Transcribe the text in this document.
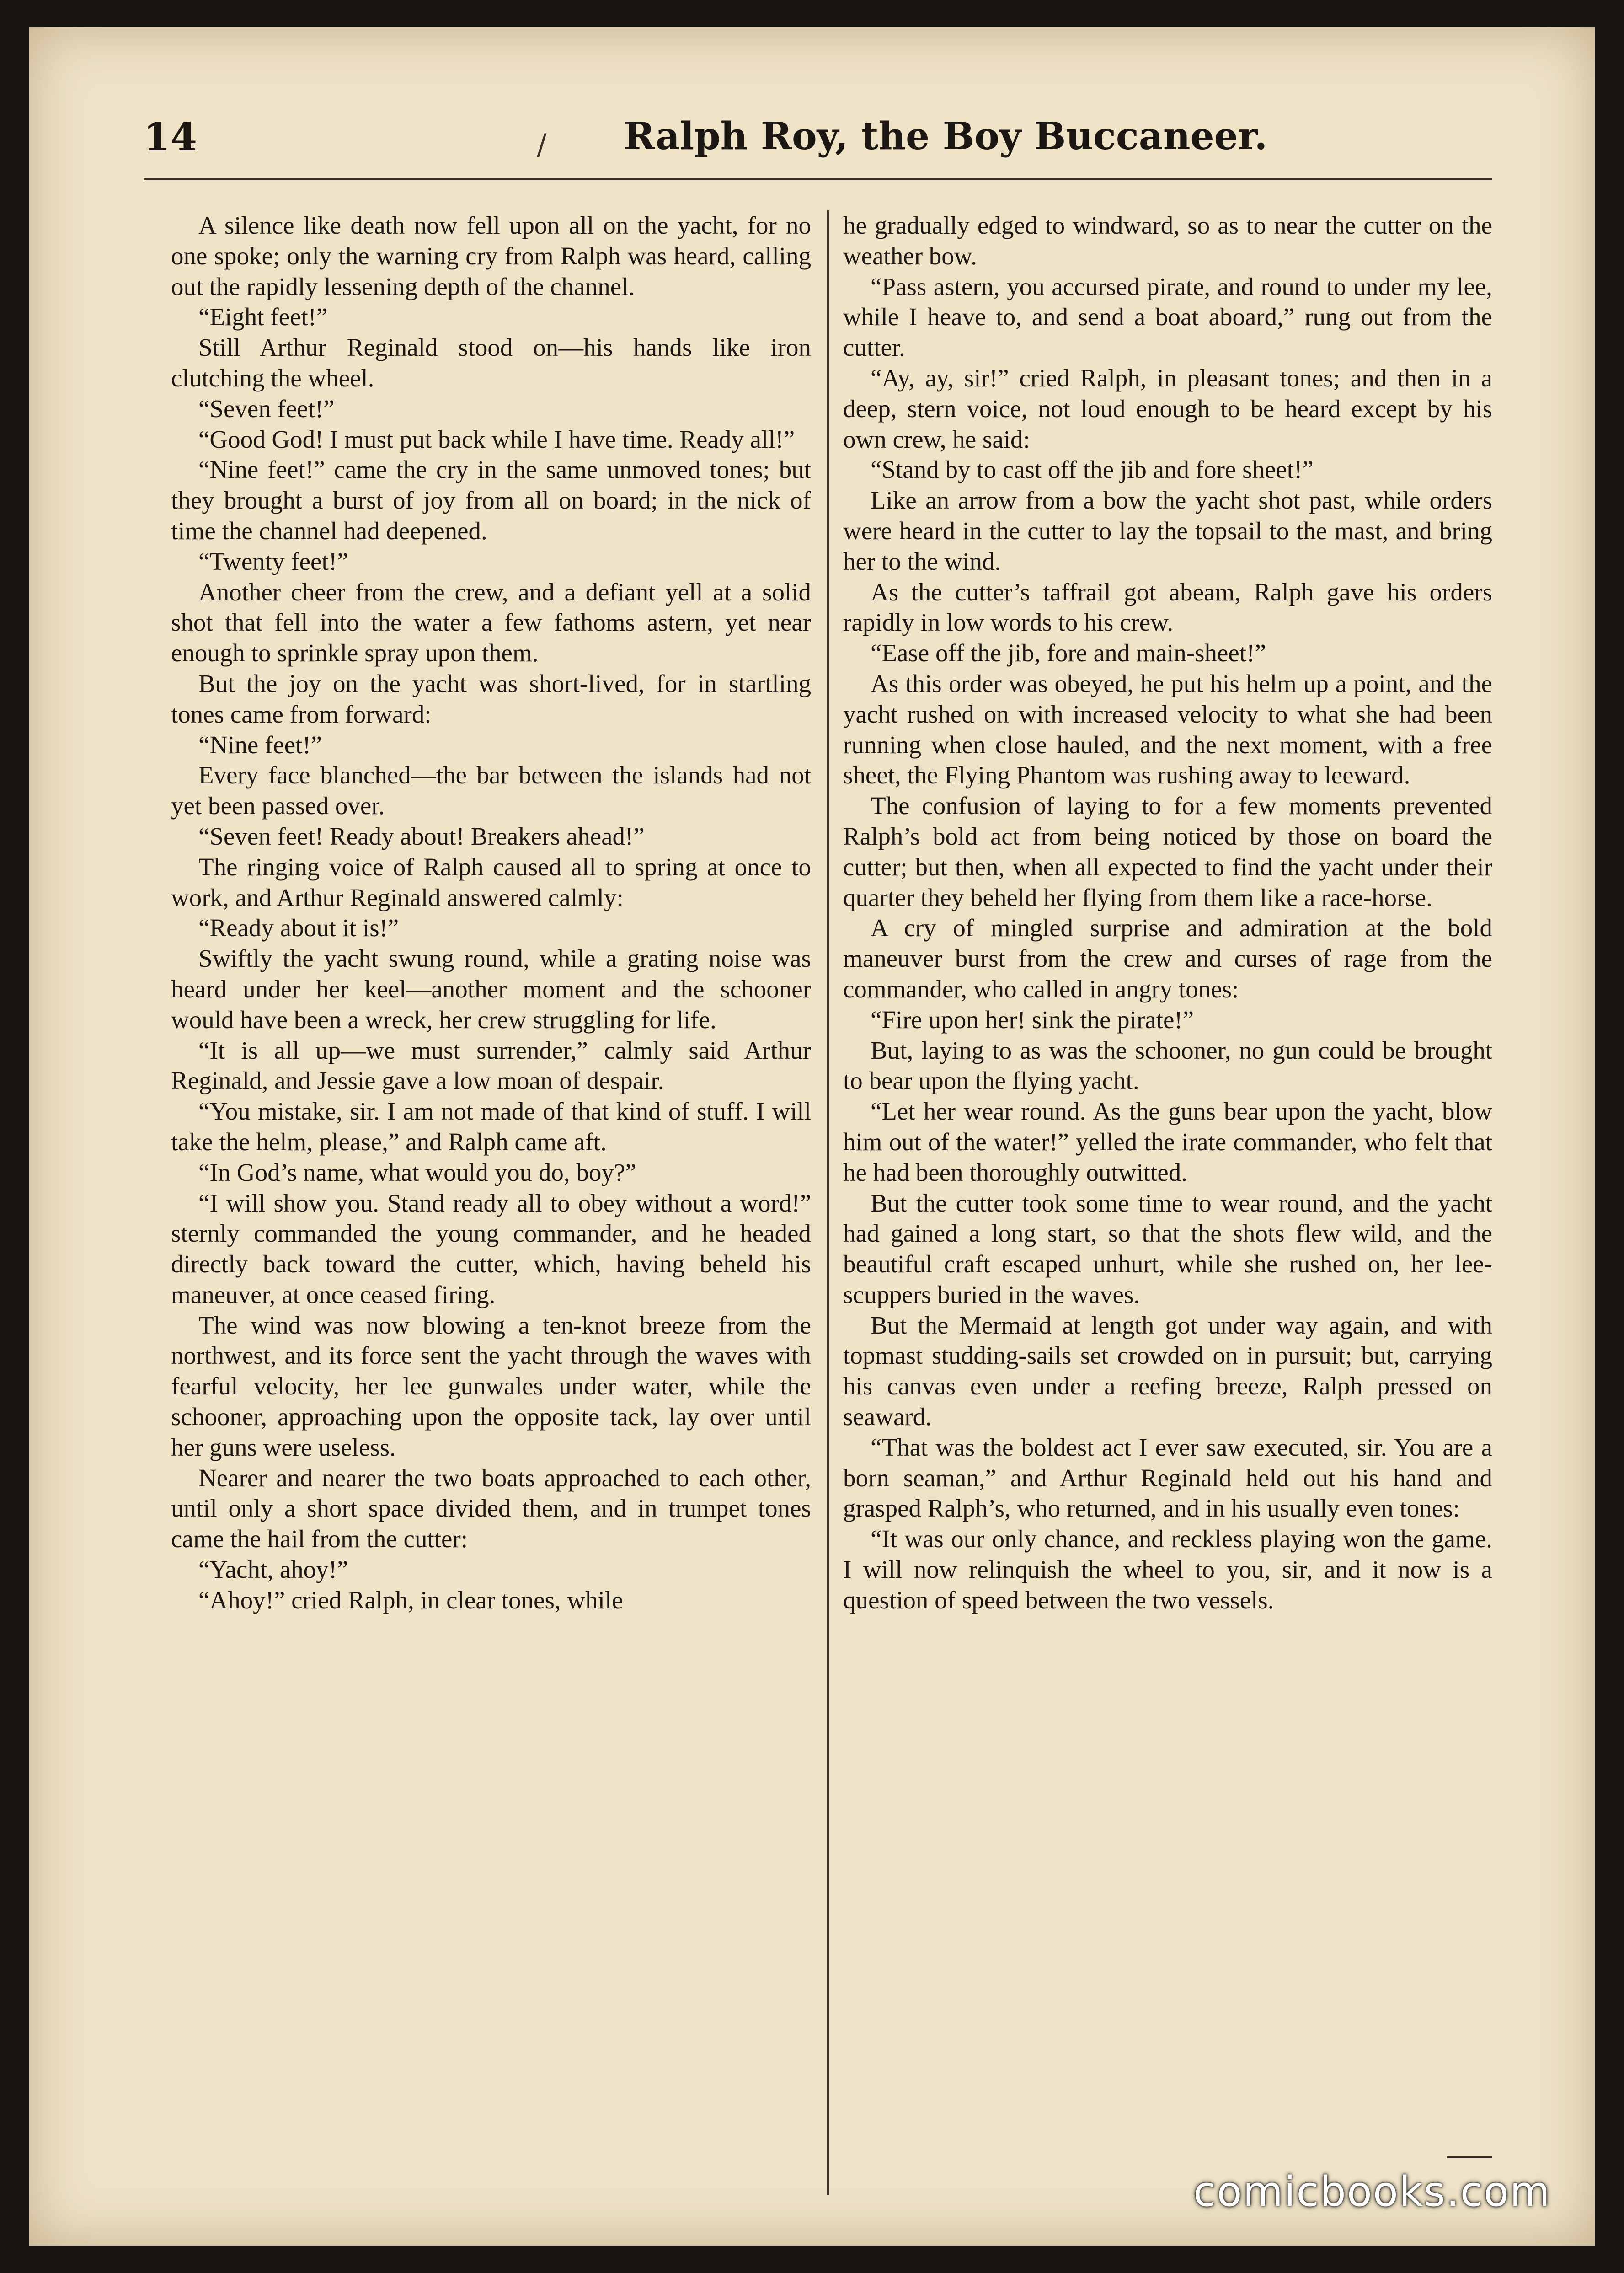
14	/ Ralph Roy, the Boy Buccaneer.

A silence like death now fell upon all on the yacht, for no one spoke; only the warning cry from Ralph was heard, calling out the rapidly lessening depth of the channel.

“Eight feet!”

Still Arthur Reginald stood on—his hands like iron clutching the wheel.

“Seven feet!”

“Good God! I must put back while I have time. Ready all!”

“Nine feet!” came the cry in the same unmoved tones; but they brought a burst of joy from all on board; in the nick of time the channel had deepened.

“Twenty feet!”

Another cheer from the crew, and a defiant yell at a solid shot that fell into the water a few fathoms astern, yet near enough to sprinkle spray upon them.

But the joy on the yacht was short-lived, for in startling tones came from forward:

“Nine feet!”

Every face blanched—the bar between the islands had not yet been passed over.

“Seven feet! Ready about! Breakers ahead!”

The ringing voice of Ralph caused all to spring at once to work, and Arthur Reginald answered calmly:

“Ready about it is!”

Swiftly the yacht swung round, while a grating noise was heard under her keel—another moment and the schooner would have been a wreck, her crew struggling for life.

“It is all up—we must surrender,” calmly said Arthur Reginald, and Jessie gave a low moan of despair.

“You mistake, sir. I am not made of that kind of stuff. I will take the helm, please,” and Ralph came aft.

“In God’s name, what would you do, boy?”

“I will show you. Stand ready all to obey without a word!” sternly commanded the young commander, and he headed directly back toward the cutter, which, having beheld his maneuver, at once ceased firing.

The wind was now blowing a ten-knot breeze from the northwest, and its force sent the yacht through the waves with fearful velocity, her lee gunwales under water, while the schooner, approaching upon the opposite tack, lay over until her guns were useless.

Nearer and nearer the two boats approached to each other, until only a short space divided them, and in trumpet tones came the hail from the cutter:

“Yacht, ahoy!”

“Ahoy!” cried Ralph, in clear tones, while

he gradually edged to windward, so as to near the cutter on the weather bow.

“Pass astern, you accursed pirate, and round to under my lee, while I heave to, and send a boat aboard,” rung out from the cutter.

“Ay, ay, sir!” cried Ralph, in pleasant tones; and then in a deep, stern voice, not loud enough to be heard except by his own crew, he said:

“Stand by to cast off the jib and fore sheet!”

Like an arrow from a bow the yacht shot past, while orders were heard in the cutter to lay the topsail to the mast, and bring her to the wind.

As the cutter’s taffrail got abeam, Ralph gave his orders rapidly in low words to his crew.

“Ease off the jib, fore and main-sheet!”

As this order was obeyed, he put his helm up a point, and the yacht rushed on with increased velocity to what she had been running when close hauled, and the next moment, with a free sheet, the Flying Phantom was rushing away to leeward.

The confusion of laying to for a few moments prevented Ralph’s bold act from being noticed by those on board the cutter; but then, when all expected to find the yacht under their quarter they beheld her flying from them like a race-horse.

A cry of mingled surprise and admiration at the bold maneuver burst from the crew and curses of rage from the commander, who called in angry tones:

“Fire upon her! sink the pirate!”

But, laying to as was the schooner, no gun could be brought to bear upon the flying yacht.

“Let her wear round. As the guns bear upon the yacht, blow him out of the water!” yelled the irate commander, who felt that he had been thoroughly outwitted.

But the cutter took some time to wear round, and the yacht had gained a long start, so that the shots flew wild, and the beautiful craft escaped unhurt, while she rushed on, her lee-scuppers buried in the waves.

But the Mermaid at length got under way again, and with topmast studding-sails set crowded on in pursuit; but, carrying his canvas even under a reefing breeze, Ralph pressed on seaward.

“That was the boldest act I ever saw executed, sir. You are a born seaman,” and Arthur Reginald held out his hand and grasped Ralph’s, who returned, and in his usually even tones:

“It was our only chance, and reckless playing won the game. I will now relinquish the wheel to you, sir, and it now is a question of speed between the two vessels.

comicbooks.com
